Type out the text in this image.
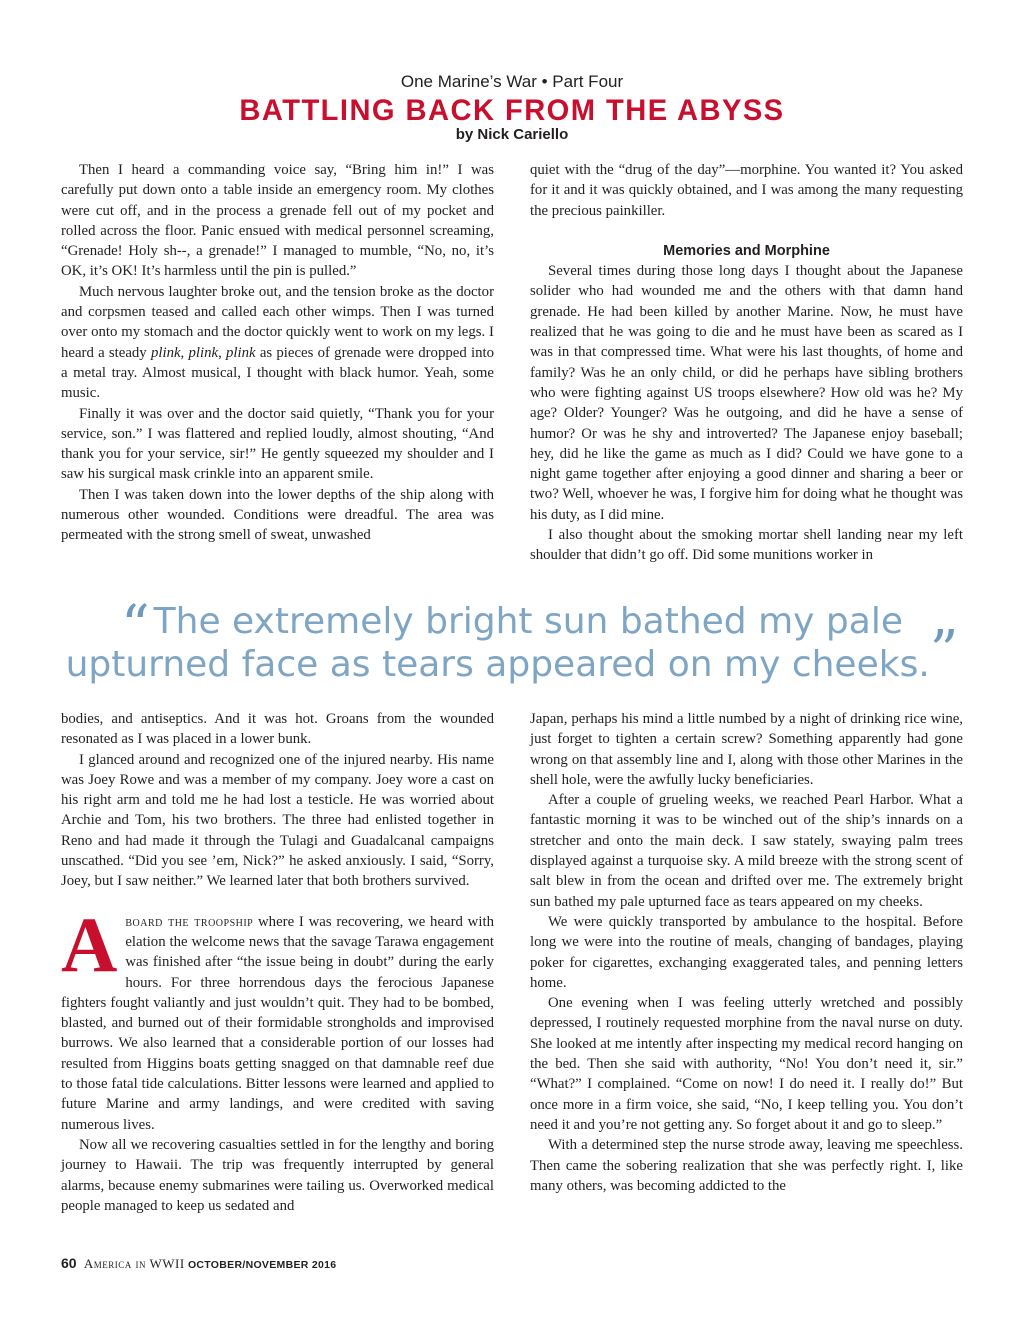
One Marine’s War • Part Four
BATTLING BACK FROM THE ABYSS
by Nick Cariello

Then I heard a commanding voice say, “Bring him in!” I was carefully put down onto a table inside an emergency room. My clothes were cut off, and in the process a grenade fell out of my pocket and rolled across the floor. Panic ensued with medical personnel screaming, “Grenade! Holy sh--, a grenade!” I managed to mumble, “No, no, it’s OK, it’s OK! It’s harmless until the pin is pulled.”

Much nervous laughter broke out, and the tension broke as the doctor and corpsmen teased and called each other wimps. Then I was turned over onto my stomach and the doctor quickly went to work on my legs. I heard a steady plink, plink, plink as pieces of grenade were dropped into a metal tray. Almost musical, I thought with black humor. Yeah, some music.

Finally it was over and the doctor said quietly, “Thank you for your service, son.” I was flattered and replied loudly, almost shouting, “And thank you for your service, sir!” He gently squeezed my shoulder and I saw his surgical mask crinkle into an apparent smile.

Then I was taken down into the lower depths of the ship along with numerous other wounded. Conditions were dreadful. The area was permeated with the strong smell of sweat, unwashed

quiet with the “drug of the day”—morphine. You wanted it? You asked for it and it was quickly obtained, and I was among the many requesting the precious painkiller.

Memories and Morphine

Several times during those long days I thought about the Japanese solider who had wounded me and the others with that damn hand grenade. He had been killed by another Marine. Now, he must have realized that he was going to die and he must have been as scared as I was in that compressed time. What were his last thoughts, of home and family? Was he an only child, or did he perhaps have sibling brothers who were fighting against US troops elsewhere? How old was he? My age? Older? Younger? Was he outgoing, and did he have a sense of humor? Or was he shy and introverted? The Japanese enjoy baseball; hey, did he like the game as much as I did? Could we have gone to a night game together after enjoying a good dinner and sharing a beer or two? Well, whoever he was, I forgive him for doing what he thought was his duty, as I did mine.

I also thought about the smoking mortar shell landing near my left shoulder that didn’t go off. Did some munitions worker in

“ The extremely bright sun bathed my pale
upturned face as tears appeared on my cheeks.”

bodies, and antiseptics. And it was hot. Groans from the wounded resonated as I was placed in a lower bunk.

I glanced around and recognized one of the injured nearby. His name was Joey Rowe and was a member of my company. Joey wore a cast on his right arm and told me he had lost a testicle. He was worried about Archie and Tom, his two brothers. The three had enlisted together in Reno and had made it through the Tulagi and Guadalcanal campaigns unscathed. “Did you see ’em, Nick?” he asked anxiously. I said, “Sorry, Joey, but I saw neither.” We learned later that both brothers survived.

Aboard the troopship where I was recovering, we heard with elation the welcome news that the savage Tarawa engagement was finished after “the issue being in doubt” during the early hours. For three horrendous days the ferocious Japanese fighters fought valiantly and just wouldn’t quit. They had to be bombed, blasted, and burned out of their formidable strongholds and improvised burrows. We also learned that a considerable portion of our losses had resulted from Higgins boats getting snagged on that damnable reef due to those fatal tide calculations. Bitter lessons were learned and applied to future Marine and army landings, and were credited with saving numerous lives.

Now all we recovering casualties settled in for the lengthy and boring journey to Hawaii. The trip was frequently interrupted by general alarms, because enemy submarines were tailing us. Overworked medical people managed to keep us sedated and

Japan, perhaps his mind a little numbed by a night of drinking rice wine, just forget to tighten a certain screw? Something apparently had gone wrong on that assembly line and I, along with those other Marines in the shell hole, were the awfully lucky beneficiaries.

After a couple of grueling weeks, we reached Pearl Harbor. What a fantastic morning it was to be winched out of the ship’s innards on a stretcher and onto the main deck. I saw stately, swaying palm trees displayed against a turquoise sky. A mild breeze with the strong scent of salt blew in from the ocean and drifted over me. The extremely bright sun bathed my pale upturned face as tears appeared on my cheeks.

We were quickly transported by ambulance to the hospital. Before long we were into the routine of meals, changing of bandages, playing poker for cigarettes, exchanging exaggerated tales, and penning letters home.

One evening when I was feeling utterly wretched and possibly depressed, I routinely requested morphine from the naval nurse on duty. She looked at me intently after inspecting my medical record hanging on the bed. Then she said with authority, “No! You don’t need it, sir.” “What?” I complained. “Come on now! I do need it. I really do!” But once more in a firm voice, she said, “No, I keep telling you. You don’t need it and you’re not getting any. So forget about it and go to sleep.”

With a determined step the nurse strode away, leaving me speechless. Then came the sobering realization that she was perfectly right. I, like many others, was becoming addicted to the

60 America in WWII OCTOBER/NOVEMBER 2016
